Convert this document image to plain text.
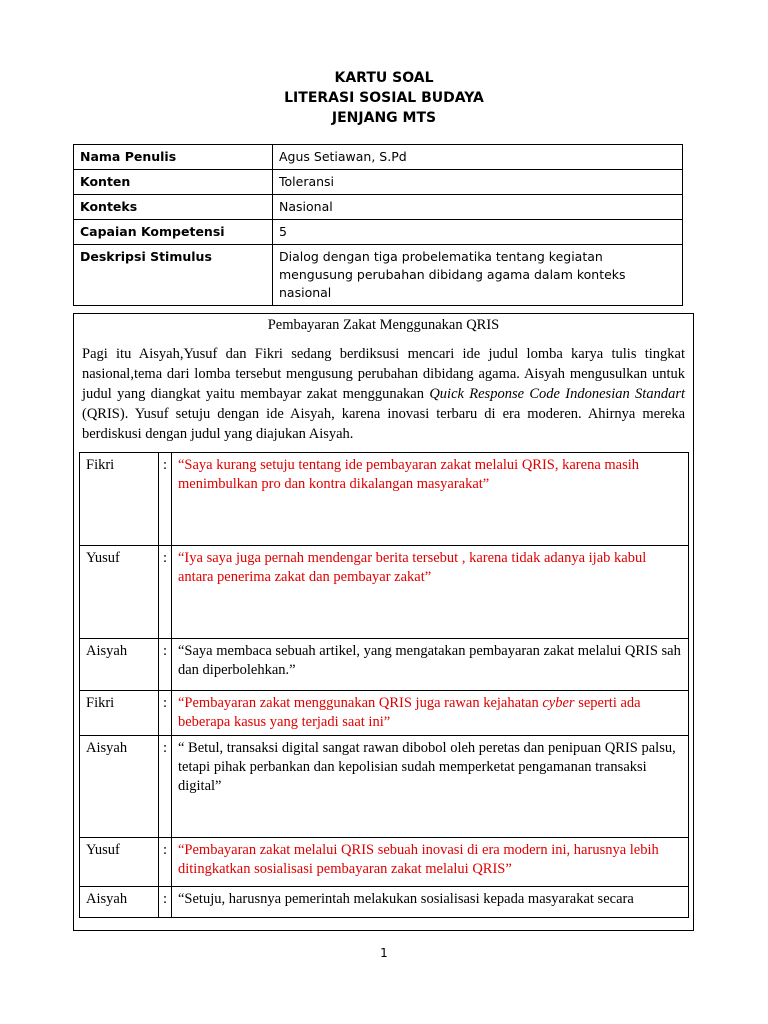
KARTU SOAL
LITERASI SOSIAL BUDAYA
JENJANG MTS
Nama Penulis	Agus Setiawan, S.Pd
Konten	Toleransi
Konteks	Nasional
Capaian Kompetensi	5
Deskripsi Stimulus	Dialog dengan tiga probelematika tentang kegiatan mengusung perubahan dibidang agama dalam konteks nasional
Pembayaran Zakat Menggunakan QRIS
Pagi itu Aisyah,Yusuf dan Fikri sedang berdiksusi mencari ide judul lomba karya tulis tingkat nasional,tema dari lomba tersebut mengusung perubahan dibidang agama. Aisyah mengusulkan untuk judul yang diangkat yaitu membayar zakat menggunakan Quick Response Code Indonesian Standart (QRIS). Yusuf setuju dengan ide Aisyah, karena inovasi terbaru di era moderen. Ahirnya mereka berdiskusi dengan judul yang diajukan Aisyah.
Fikri	:	“Saya kurang setuju tentang ide pembayaran zakat melalui QRIS, karena masih menimbulkan pro dan kontra dikalangan masyarakat”
Yusuf	:	“Iya saya juga pernah mendengar berita tersebut , karena tidak adanya ijab kabul antara penerima zakat dan pembayar zakat”
Aisyah	:	“Saya membaca sebuah artikel, yang mengatakan pembayaran zakat melalui QRIS sah dan diperbolehkan.”
Fikri	:	“Pembayaran zakat menggunakan QRIS juga rawan kejahatan cyber seperti ada beberapa kasus yang terjadi saat ini”
Aisyah	:	“ Betul, transaksi digital sangat rawan dibobol oleh peretas dan penipuan QRIS palsu, tetapi pihak perbankan dan kepolisian sudah memperketat pengamanan transaksi digital”
Yusuf	:	“Pembayaran zakat melalui QRIS sebuah inovasi di era modern ini, harusnya lebih ditingkatkan sosialisasi pembayaran zakat melalui QRIS”
Aisyah	:	“Setuju, harusnya pemerintah melakukan sosialisasi kepada masyarakat secara
1
